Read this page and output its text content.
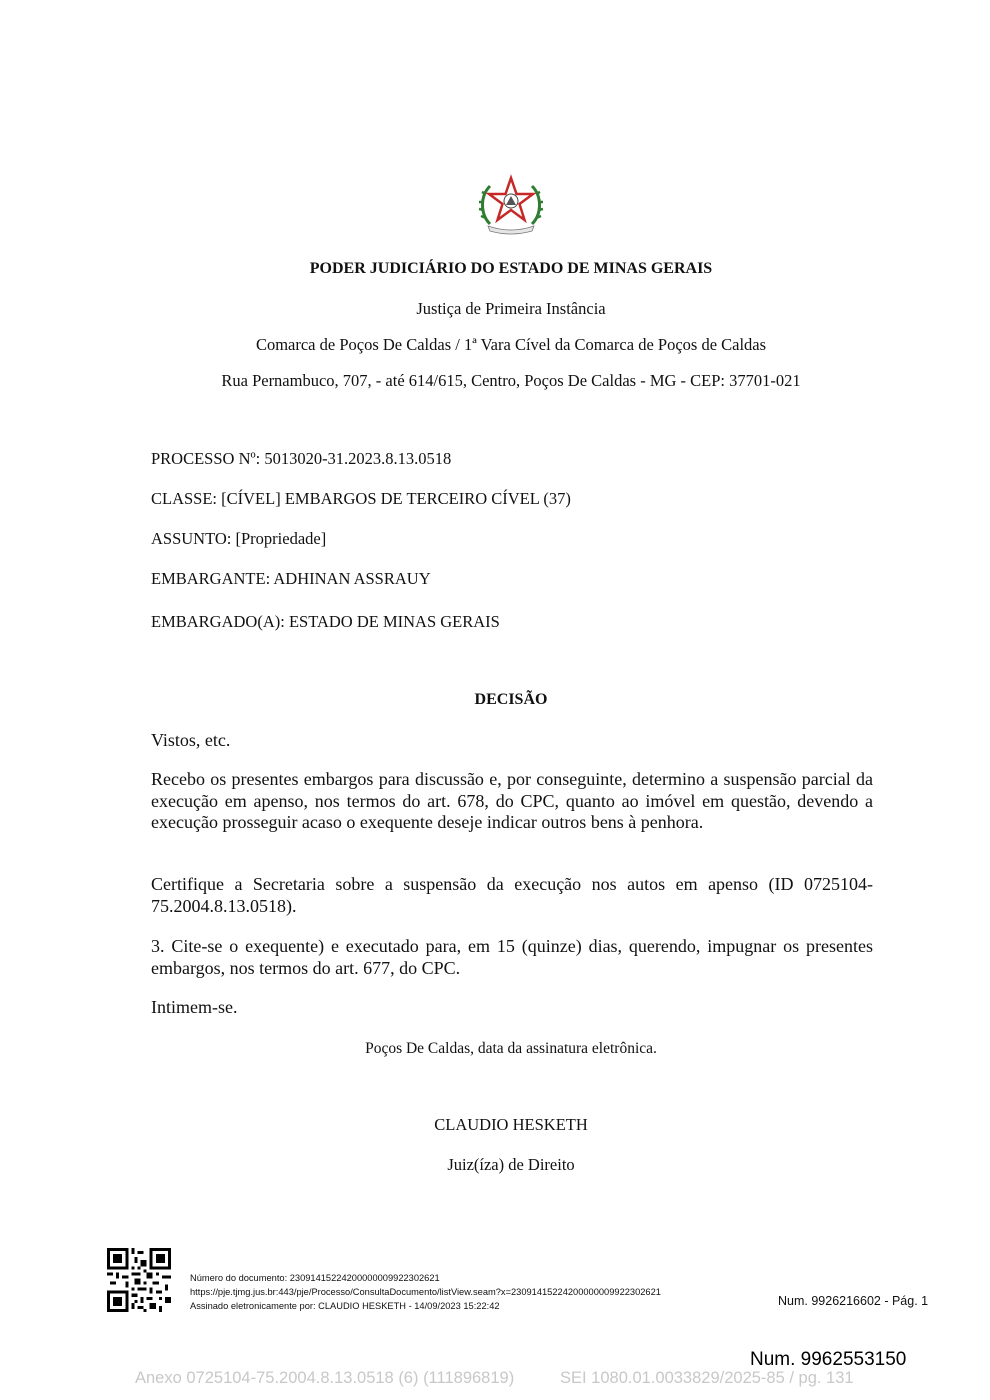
PODER JUDICIÁRIO DO ESTADO DE MINAS GERAIS
Justiça de Primeira Instância
Comarca de Poços De Caldas / 1ª Vara Cível da Comarca de Poços de Caldas
Rua Pernambuco, 707, - até 614/615, Centro, Poços De Caldas - MG - CEP: 37701-021
PROCESSO Nº: 5013020-31.2023.8.13.0518
CLASSE: [CÍVEL] EMBARGOS DE TERCEIRO CÍVEL (37)
ASSUNTO: [Propriedade]
EMBARGANTE: ADHINAN ASSRAUY
EMBARGADO(A): ESTADO DE MINAS GERAIS
DECISÃO
Vistos, etc.
Recebo os presentes embargos para discussão e, por conseguinte, determino a suspensão parcial da execução em apenso, nos termos do art. 678, do CPC, quanto ao imóvel em questão, devendo a execução prosseguir acaso o exequente deseje indicar outros bens à penhora.
Certifique a Secretaria sobre a suspensão da execução nos autos em apenso (ID 0725104-75.2004.8.13.0518).
3. Cite-se o exequente) e executado para, em 15 (quinze) dias, querendo, impugnar os presentes embargos, nos termos do art. 677, do CPC.
Intimem-se.
Poços De Caldas, data da assinatura eletrônica.
CLAUDIO HESKETH
Juiz(íza) de Direito
Número do documento: 23091415224200000009922302621
https://pje.tjmg.jus.br:443/pje/Processo/ConsultaDocumento/listView.seam?x=23091415224200000009922302621
Assinado eletronicamente por: CLAUDIO HESKETH - 14/09/2023 15:22:42	Num. 9926216602 - Pág. 1
Num. 9962553150
Anexo 0725104-75.2004.8.13.0518 (6) (111896819)	SEI 1080.01.0033829/2025-85 / pg. 131
